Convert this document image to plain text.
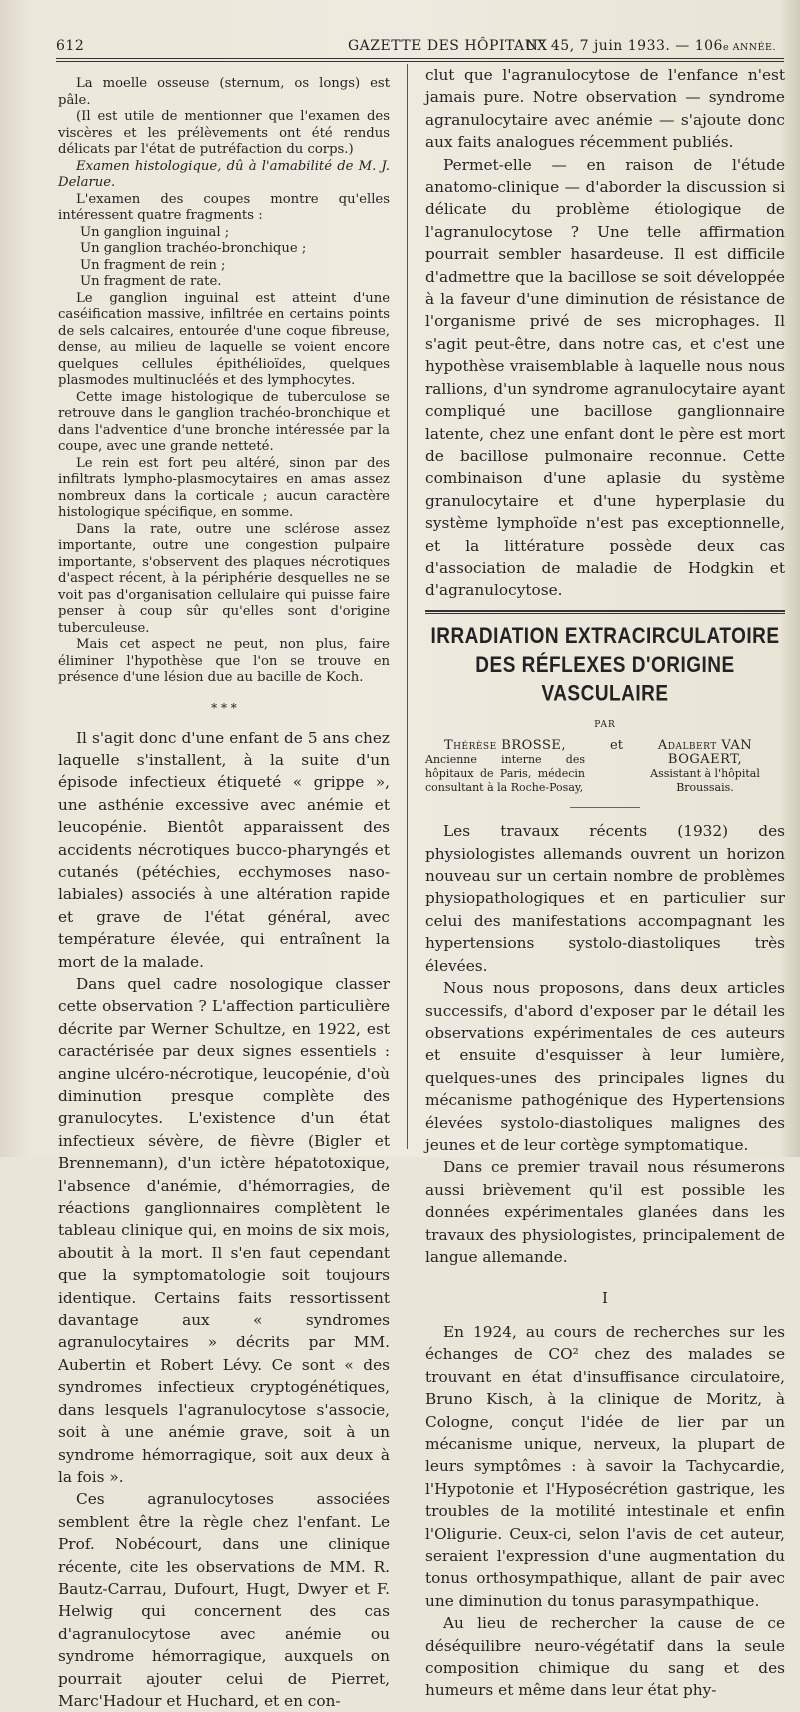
612	GAZETTE DES HÔPITAUX
N° 45, 7 juin 1933. — 106e ANNÉE.

La moelle osseuse (sternum, os longs) est pâle.

(Il est utile de mentionner que l'examen des viscères et les prélèvements ont été rendus délicats par l'état de putréfaction du corps.)

Examen histologique, dû à l'amabilité de M. J. Delarue.

L'examen des coupes montre qu'elles intéressent quatre fragments :

Un ganglion inguinal ;

Un ganglion trachéo-bronchique ;

Un fragment de rein ;

Un fragment de rate.

Le ganglion inguinal est atteint d'une caséification massive, infiltrée en certains points de sels calcaires, entourée d'une coque fibreuse, dense, au milieu de laquelle se voient encore quelques cellules épithélioïdes, quelques plasmodes multinucléés et des lymphocytes.

Cette image histologique de tuberculose se retrouve dans le ganglion trachéo-bronchique et dans l'adventice d'une bronche intéressée par la coupe, avec une grande netteté.

Le rein est fort peu altéré, sinon par des infiltrats lympho-plasmocytaires en amas assez nombreux dans la corticale ; aucun caractère histologique spécifique, en somme.

Dans la rate, outre une sclérose assez importante, outre une congestion pulpaire importante, s'observent des plaques nécrotiques d'aspect récent, à la périphérie desquelles ne se voit pas d'organisation cellulaire qui puisse faire penser à coup sûr qu'elles sont d'origine tuberculeuse.

Mais cet aspect ne peut, non plus, faire éliminer l'hypothèse que l'on se trouve en présence d'une lésion due au bacille de Koch.

* * *

Il s'agit donc d'une enfant de 5 ans chez laquelle s'installent, à la suite d'un épisode infectieux étiqueté « grippe », une asthénie excessive avec anémie et leucopénie. Bientôt apparaissent des accidents nécrotiques bucco-pharyngés et cutanés (pétéchies, ecchymoses naso-labiales) associés à une altération rapide et grave de l'état général, avec température élevée, qui entraînent la mort de la malade.

Dans quel cadre nosologique classer cette observation ? L'affection particulière décrite par Werner Schultze, en 1922, est caractérisée par deux signes essentiels : angine ulcéro-nécrotique, leucopénie, d'où diminution presque complète des granulocytes. L'existence d'un état infectieux sévère, de fièvre (Bigler et Brennemann), d'un ictère hépatotoxique, l'absence d'anémie, d'hémorragies, de réactions ganglionnaires complètent le tableau clinique qui, en moins de six mois, aboutit à la mort. Il s'en faut cependant que la symptomatologie soit toujours identique. Certains faits ressortissent davantage aux « syndromes agranulocytaires » décrits par MM. Aubertin et Robert Lévy. Ce sont « des syndromes infectieux cryptogénétiques, dans lesquels l'agranulocytose s'associe, soit à une anémie grave, soit à un syndrome hémorragique, soit aux deux à la fois ».

Ces agranulocytoses associées semblent être la règle chez l'enfant. Le Prof. Nobécourt, dans une clinique récente, cite les observations de MM. R. Bautz-Carrau, Dufourt, Hugt, Dwyer et F. Helwig qui concernent des cas d'agranulocytose avec anémie ou syndrome hémorragique, auxquels on pourrait ajouter celui de Pierret, Marc'Hadour et Huchard, et en con-

clut que l'agranulocytose de l'enfance n'est jamais pure. Notre observation — syndrome agranulocytaire avec anémie — s'ajoute donc aux faits analogues récemment publiés.

Permet-elle — en raison de l'étude anatomo-clinique — d'aborder la discussion si délicate du problème étiologique de l'agranulocytose ? Une telle affirmation pourrait sembler hasardeuse. Il est difficile d'admettre que la bacillose se soit développée à la faveur d'une diminution de résistance de l'organisme privé de ses microphages. Il s'agit peut-être, dans notre cas, et c'est une hypothèse vraisemblable à laquelle nous nous rallions, d'un syndrome agranulocytaire ayant compliqué une bacillose ganglionnaire latente, chez une enfant dont le père est mort de bacillose pulmonaire reconnue. Cette combinaison d'une aplasie du système granulocytaire et d'une hyperplasie du système lymphoïde n'est pas exceptionnelle, et la littérature possède deux cas d'association de maladie de Hodgkin et d'agranulocytose.

IRRADIATION EXTRACIRCULATOIRE
DES RÉFLEXES D'ORIGINE VASCULAIRE
PAR
Thérèse BROSSE,
Ancienne interne des hôpitaux de Paris, médecin consultant à la Roche-Posay,
et	Adalbert VAN BOGAERT,
Assistant à l'hôpital Broussais.

Les travaux récents (1932) des physiologistes allemands ouvrent un horizon nouveau sur un certain nombre de problèmes physiopathologiques et en particulier sur celui des manifestations accompagnant les hypertensions systolo-diastoliques très élevées.

Nous nous proposons, dans deux articles successifs, d'abord d'exposer par le détail les observations expérimentales de ces auteurs et ensuite d'esquisser à leur lumière, quelques-unes des principales lignes du mécanisme pathogénique des Hypertensions élevées systolo-diastoliques malignes des jeunes et de leur cortège symptomatique.

Dans ce premier travail nous résumerons aussi brièvement qu'il est possible les données expérimentales glanées dans les travaux des physiologistes, principalement de langue allemande.

I

En 1924, au cours de recherches sur les échanges de CO² chez des malades se trouvant en état d'insuffisance circulatoire, Bruno Kisch, à la clinique de Moritz, à Cologne, conçut l'idée de lier par un mécanisme unique, nerveux, la plupart de leurs symptômes : à savoir la Tachycardie, l'Hypotonie et l'Hyposécrétion gastrique, les troubles de la motilité intestinale et enfin l'Oligurie. Ceux-ci, selon l'avis de cet auteur, seraient l'expression d'une augmentation du tonus orthosympathique, allant de pair avec une diminution du tonus parasympathique.

Au lieu de rechercher la cause de ce déséquilibre neuro-végétatif dans la seule composition chimique du sang et des humeurs et même dans leur état phy-
